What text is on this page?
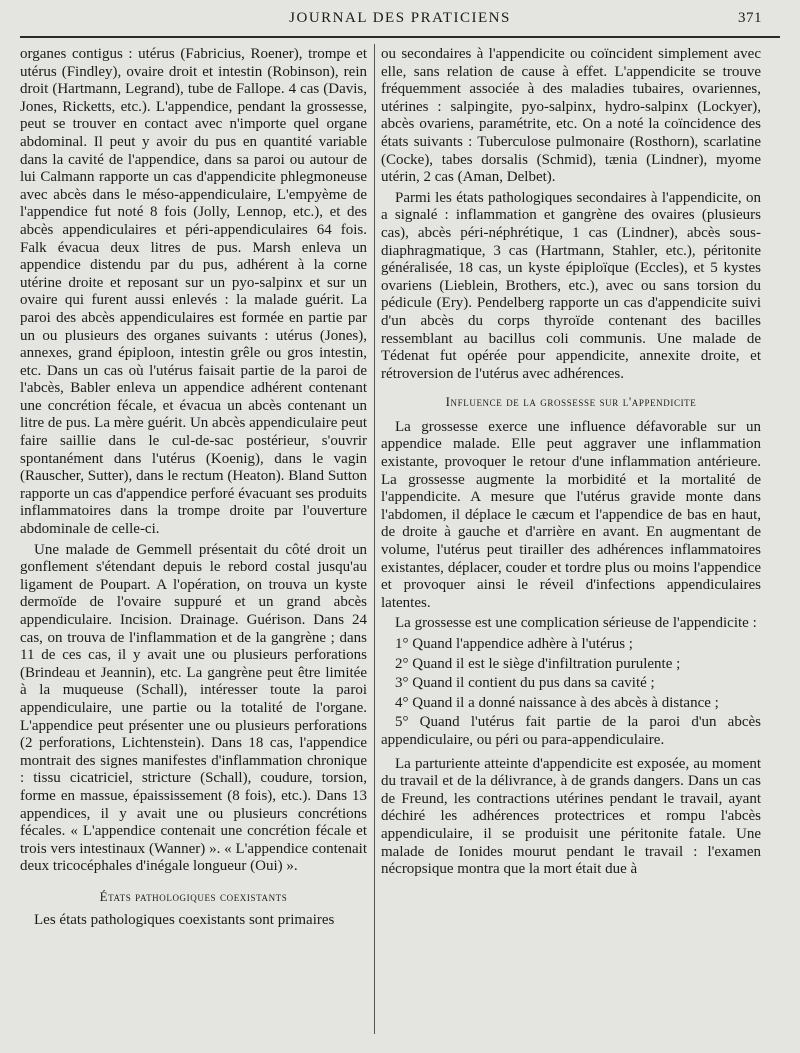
JOURNAL DES PRATICIENS	371

organes contigus : utérus (Fabricius, Roener), trompe et utérus (Findley), ovaire droit et intestin (Robinson), rein droit (Hartmann, Legrand), tube de Fallope. 4 cas (Davis, Jones, Ricketts, etc.). L'appendice, pendant la grossesse, peut se trouver en contact avec n'importe quel organe abdominal. Il peut y avoir du pus en quantité variable dans la cavité de l'appendice, dans sa paroi ou autour de lui Calmann rapporte un cas d'appendicite phlegmoneuse avec abcès dans le méso-appendiculaire, L'empyème de l'appendice fut noté 8 fois (Jolly, Lennop, etc.), et des abcès appendiculaires et péri-appendiculaires 64 fois. Falk évacua deux litres de pus. Marsh enleva un appendice distendu par du pus, adhérent à la corne utérine droite et reposant sur un pyo-salpinx et sur un ovaire qui furent aussi enlevés : la malade guérit. La paroi des abcès appendiculaires est formée en partie par un ou plusieurs des organes suivants : utérus (Jones), annexes, grand épiploon, intestin grêle ou gros intestin, etc. Dans un cas où l'utérus faisait partie de la paroi de l'abcès, Babler enleva un appendice adhérent contenant une concrétion fécale, et évacua un abcès contenant un litre de pus. La mère guérit. Un abcès appendiculaire peut faire saillie dans le cul-de-sac postérieur, s'ouvrir spontanément dans l'utérus (Koenig), dans le vagin (Rauscher, Sutter), dans le rectum (Heaton). Bland Sutton rapporte un cas d'appendice perforé évacuant ses produits inflammatoires dans la trompe droite par l'ouverture abdominale de celle-ci.

Une malade de Gemmell présentait du côté droit un gonflement s'étendant depuis le rebord costal jusqu'au ligament de Poupart. A l'opération, on trouva un kyste dermoïde de l'ovaire suppuré et un grand abcès appendiculaire. Incision. Drainage. Guérison. Dans 24 cas, on trouva de l'inflammation et de la gangrène ; dans 11 de ces cas, il y avait une ou plusieurs perforations (Brindeau et Jeannin), etc. La gangrène peut être limitée à la muqueuse (Schall), intéresser toute la paroi appendiculaire, une partie ou la totalité de l'organe. L'appendice peut présenter une ou plusieurs perforations (2 perforations, Lichtenstein). Dans 18 cas, l'appendice montrait des signes manifestes d'inflammation chronique : tissu cicatriciel, stricture (Schall), coudure, torsion, forme en massue, épaississement (8 fois), etc.). Dans 13 appendices, il y avait une ou plusieurs concrétions fécales. « L'appendice contenait une concrétion fécale et trois vers intestinaux (Wanner) ». « L'appendice contenait deux tricocéphales d'inégale longueur (Oui) ».

États pathologiques coexistants

Les états pathologiques coexistants sont primaires

ou secondaires à l'appendicite ou coïncident simplement avec elle, sans relation de cause à effet. L'appendicite se trouve fréquemment associée à des maladies tubaires, ovariennes, utérines : salpingite, pyo-salpinx, hydro-salpinx (Lockyer), abcès ovariens, paramétrite, etc. On a noté la coïncidence des états suivants : Tuberculose pulmonaire (Rosthorn), scarlatine (Cocke), tabes dorsalis (Schmid), tænia (Lindner), myome utérin, 2 cas (Aman, Delbet).

Parmi les états pathologiques secondaires à l'appendicite, on a signalé : inflammation et gangrène des ovaires (plusieurs cas), abcès péri-néphrétique, 1 cas (Lindner), abcès sous-diaphragmatique, 3 cas (Hartmann, Stahler, etc.), péritonite généralisée, 18 cas, un kyste épiploïque (Eccles), et 5 kystes ovariens (Lieblein, Brothers, etc.), avec ou sans torsion du pédicule (Ery). Pendelberg rapporte un cas d'appendicite suivi d'un abcès du corps thyroïde contenant des bacilles ressemblant au bacillus coli communis. Une malade de Tédenat fut opérée pour appendicite, annexite droite, et rétroversion de l'utérus avec adhérences.

Influence de la grossesse sur l'appendicite

La grossesse exerce une influence défavorable sur un appendice malade. Elle peut aggraver une inflammation existante, provoquer le retour d'une inflammation antérieure. La grossesse augmente la morbidité et la mortalité de l'appendicite. A mesure que l'utérus gravide monte dans l'abdomen, il déplace le cæcum et l'appendice de bas en haut, de droite à gauche et d'arrière en avant. En augmentant de volume, l'utérus peut tirailler des adhérences inflammatoires existantes, déplacer, couder et tordre plus ou moins l'appendice et provoquer ainsi le réveil d'infections appendiculaires latentes.

La grossesse est une complication sérieuse de l'appendicite :

1° Quand l'appendice adhère à l'utérus ;

2° Quand il est le siège d'infiltration purulente ;

3° Quand il contient du pus dans sa cavité ;

4° Quand il a donné naissance à des abcès à distance ;

5° Quand l'utérus fait partie de la paroi d'un abcès appendiculaire, ou péri ou para-appendiculaire.

La parturiente atteinte d'appendicite est exposée, au moment du travail et de la délivrance, à de grands dangers. Dans un cas de Freund, les contractions utérines pendant le travail, ayant déchiré les adhérences protectrices et rompu l'abcès appendiculaire, il se produisit une péritonite fatale. Une malade de Ionides mourut pendant le travail : l'examen nécropsique montra que la mort était due à
